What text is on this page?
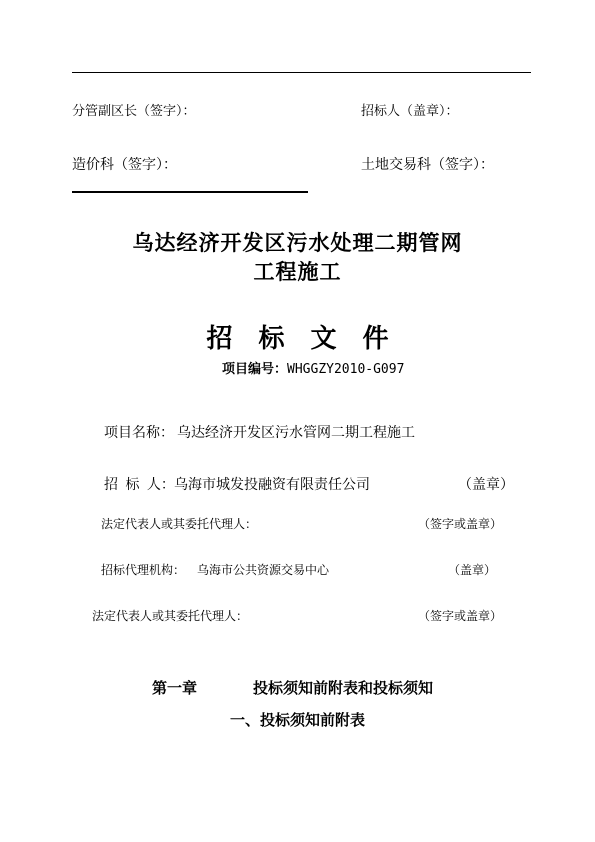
分管副区长（签字）：	招标人（盖章）：
造价科（签字）：	土地交易科（签字）：
乌达经济开发区污水处理二期管网
工程施工
招　标　文　件
项目编号：WHGGZY2010-G097
项目名称： 乌达经济开发区污水管网二期工程施工
招 标 人： 乌海市城发投融资有限责任公司	（盖章）
法定代表人或其委托代理人：	（签字或盖章）
招标代理机构： 乌海市公共资源交易中心	（盖章）
法定代表人或其委托代理人：	（签字或盖章）
第一章	投标须知前附表和投标须知
一、投标须知前附表
